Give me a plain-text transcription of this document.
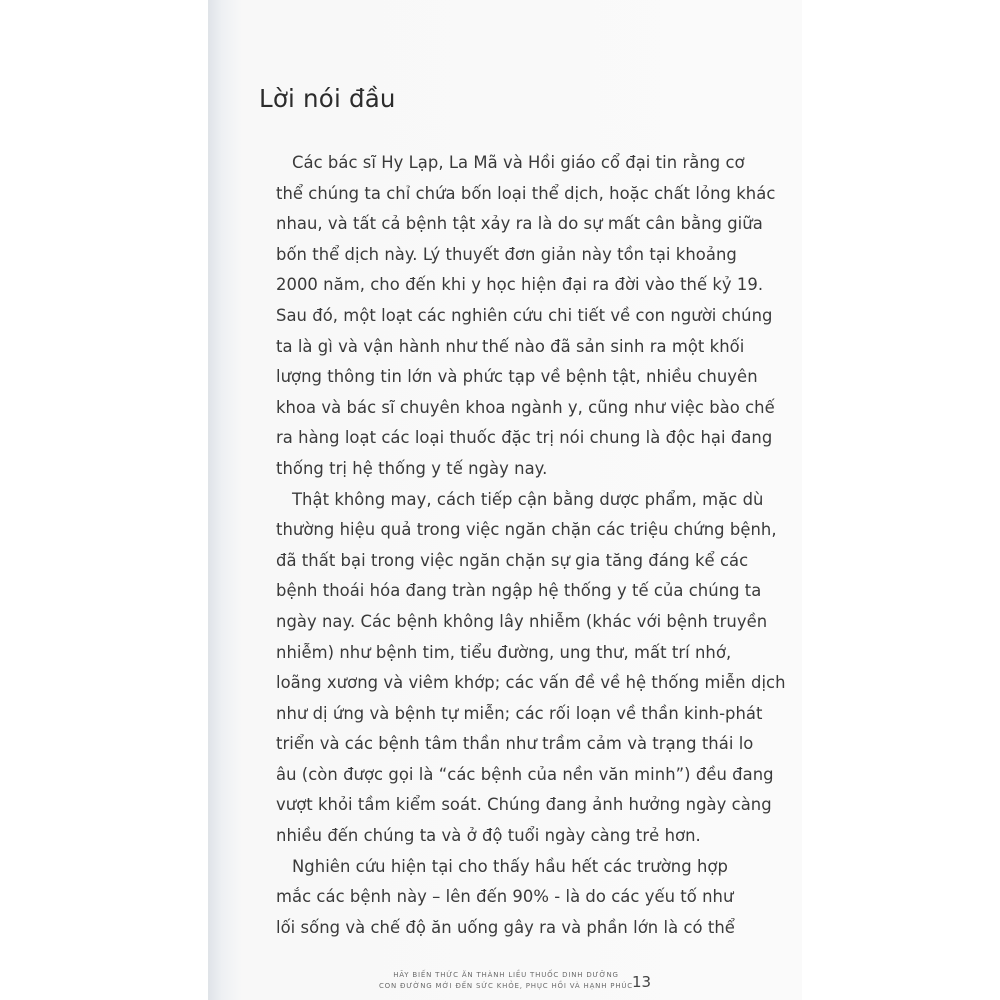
Lời nói đầu
Các bác sĩ Hy Lạp, La Mã và Hồi giáo cổ đại tin rằng cơ
thể chúng ta chỉ chứa bốn loại thể dịch, hoặc chất lỏng khác
nhau, và tất cả bệnh tật xảy ra là do sự mất cân bằng giữa
bốn thể dịch này. Lý thuyết đơn giản này tồn tại khoảng
2000 năm, cho đến khi y học hiện đại ra đời vào thế kỷ 19.
Sau đó, một loạt các nghiên cứu chi tiết về con người chúng
ta là gì và vận hành như thế nào đã sản sinh ra một khối
lượng thông tin lớn và phức tạp về bệnh tật, nhiều chuyên
khoa và bác sĩ chuyên khoa ngành y, cũng như việc bào chế
ra hàng loạt các loại thuốc đặc trị nói chung là độc hại đang
thống trị hệ thống y tế ngày nay.
Thật không may, cách tiếp cận bằng dược phẩm, mặc dù
thường hiệu quả trong việc ngăn chặn các triệu chứng bệnh,
đã thất bại trong việc ngăn chặn sự gia tăng đáng kể các
bệnh thoái hóa đang tràn ngập hệ thống y tế của chúng ta
ngày nay. Các bệnh không lây nhiễm (khác với bệnh truyền
nhiễm) như bệnh tim, tiểu đường, ung thư, mất trí nhớ,
loãng xương và viêm khớp; các vấn đề về hệ thống miễn dịch
như dị ứng và bệnh tự miễn; các rối loạn về thần kinh-phát
triển và các bệnh tâm thần như trầm cảm và trạng thái lo
âu (còn được gọi là “các bệnh của nền văn minh”) đều đang
vượt khỏi tầm kiểm soát. Chúng đang ảnh hưởng ngày càng
nhiều đến chúng ta và ở độ tuổi ngày càng trẻ hơn.
Nghiên cứu hiện tại cho thấy hầu hết các trường hợp
mắc các bệnh này – lên đến 90% - là do các yếu tố như
lối sống và chế độ ăn uống gây ra và phần lớn là có thể
HÃY BIẾN THỨC ĂN THÀNH LIỀU THUỐC DINH DƯỠNG
CON ĐƯỜNG MỚI ĐẾN SỨC KHỎE, PHỤC HỒI VÀ HẠNH PHÚC 13
